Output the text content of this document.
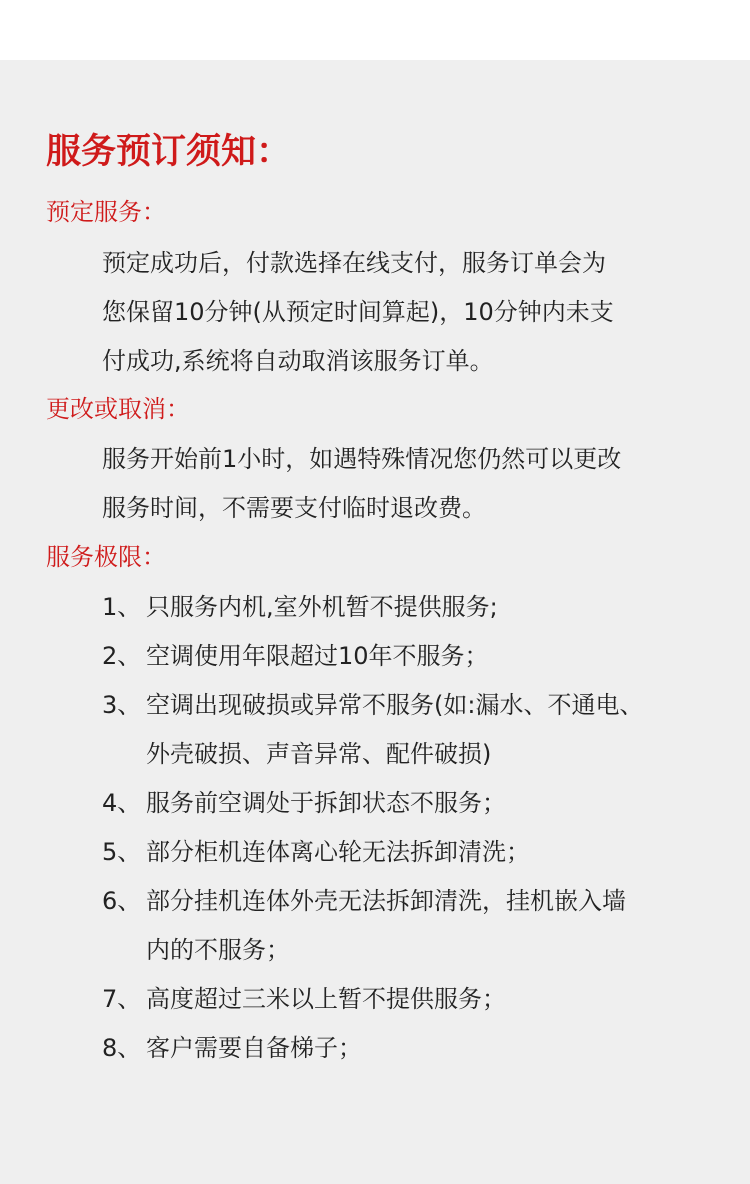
服务预订须知：
预定服务：
预定成功后，付款选择在线支付，服务订单会为
您保留10分钟(从预定时间算起)，10分钟内未支
付成功,系统将自动取消该服务订单。
更改或取消：
服务开始前1小时，如遇特殊情况您仍然可以更改
服务时间，不需要支付临时退改费。
服务极限：
1、 只服务内机,室外机暂不提供服务;
2、 空调使用年限超过10年不服务；
3、 空调出现破损或异常不服务(如:漏水、不通电、
外壳破损、声音异常、配件破损)
4、 服务前空调处于拆卸状态不服务；
5、 部分柜机连体离心轮无法拆卸清洗；
6、 部分挂机连体外壳无法拆卸清洗，挂机嵌入墙
内的不服务；
7、 高度超过三米以上暂不提供服务；
8、 客户需要自备梯子；
